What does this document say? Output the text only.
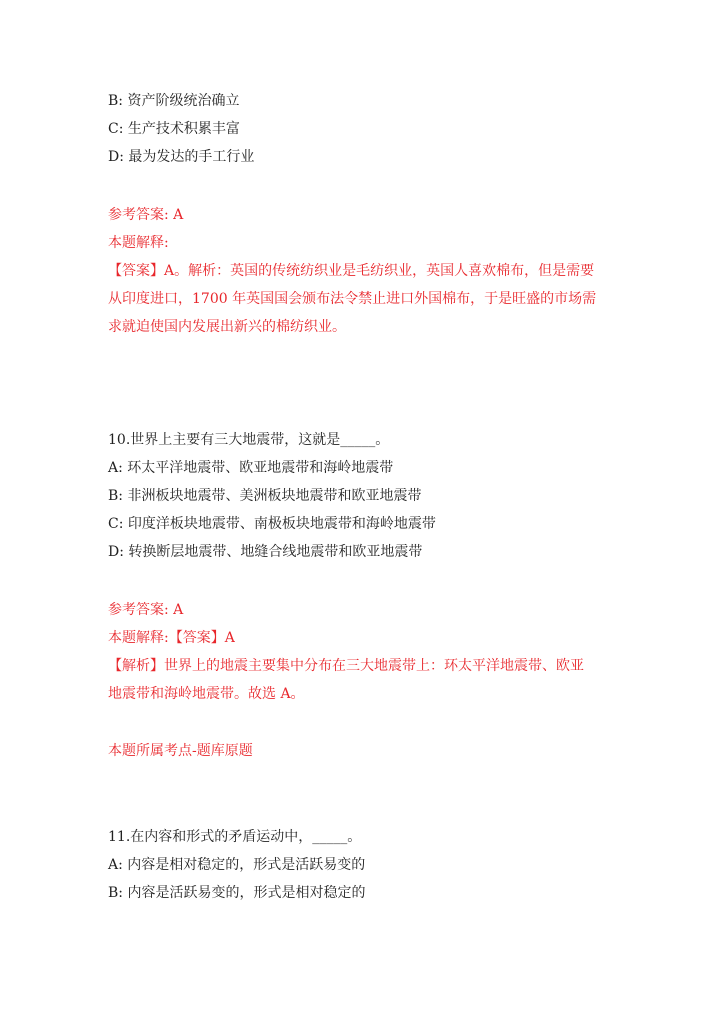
B: 资产阶级统治确立
C: 生产技术积累丰富
D: 最为发达的手工行业
参考答案: A
本题解释:
【答案】A。解析：英国的传统纺织业是毛纺织业，英国人喜欢棉布，但是需要
从印度进口，1700 年英国国会颁布法令禁止进口外国棉布，于是旺盛的市场需
求就迫使国内发展出新兴的棉纺织业。
10.世界上主要有三大地震带，这就是_____。
A: 环太平洋地震带、欧亚地震带和海岭地震带
B: 非洲板块地震带、美洲板块地震带和欧亚地震带
C: 印度洋板块地震带、南极板块地震带和海岭地震带
D: 转换断层地震带、地缝合线地震带和欧亚地震带
参考答案: A
本题解释:【答案】A
【解析】世界上的地震主要集中分布在三大地震带上：环太平洋地震带、欧亚
地震带和海岭地震带。故选 A。
本题所属考点-题库原题
11.在内容和形式的矛盾运动中，_____。
A: 内容是相对稳定的，形式是活跃易变的
B: 内容是活跃易变的，形式是相对稳定的
